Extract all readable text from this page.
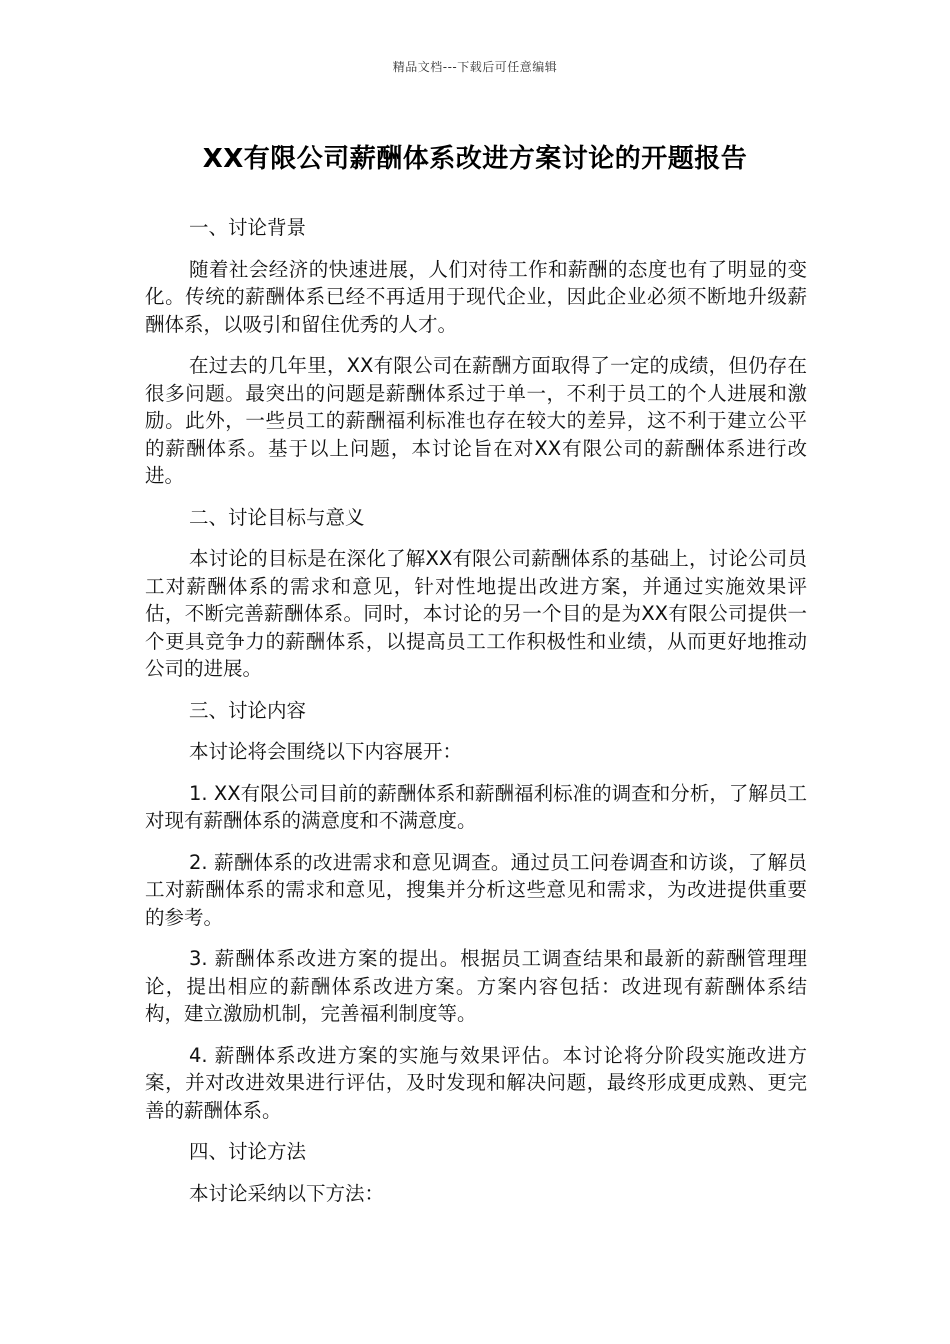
精品文档---下载后可任意编辑
XX有限公司薪酬体系改进方案讨论的开题报告

一、讨论背景

随着社会经济的快速进展，人们对待工作和薪酬的态度也有了明显的变化。传统的薪酬体系已经不再适用于现代企业，因此企业必须不断地升级薪酬体系，以吸引和留住优秀的人才。

在过去的几年里，XX有限公司在薪酬方面取得了一定的成绩，但仍存在很多问题。最突出的问题是薪酬体系过于单一，不利于员工的个人进展和激励。此外，一些员工的薪酬福利标准也存在较大的差异，这不利于建立公平的薪酬体系。基于以上问题，本讨论旨在对XX有限公司的薪酬体系进行改进。

二、讨论目标与意义

本讨论的目标是在深化了解XX有限公司薪酬体系的基础上，讨论公司员工对薪酬体系的需求和意见，针对性地提出改进方案，并通过实施效果评估，不断完善薪酬体系。同时，本讨论的另一个目的是为XX有限公司提供一个更具竞争力的薪酬体系，以提高员工工作积极性和业绩，从而更好地推动公司的进展。

三、讨论内容

本讨论将会围绕以下内容展开：

1. XX有限公司目前的薪酬体系和薪酬福利标准的调查和分析，了解员工对现有薪酬体系的满意度和不满意度。

2. 薪酬体系的改进需求和意见调查。通过员工问卷调查和访谈，了解员工对薪酬体系的需求和意见，搜集并分析这些意见和需求，为改进提供重要的参考。

3. 薪酬体系改进方案的提出。根据员工调查结果和最新的薪酬管理理论，提出相应的薪酬体系改进方案。方案内容包括：改进现有薪酬体系结构，建立激励机制，完善福利制度等。

4. 薪酬体系改进方案的实施与效果评估。本讨论将分阶段实施改进方案，并对改进效果进行评估，及时发现和解决问题，最终形成更成熟、更完善的薪酬体系。

四、讨论方法

本讨论采纳以下方法：
